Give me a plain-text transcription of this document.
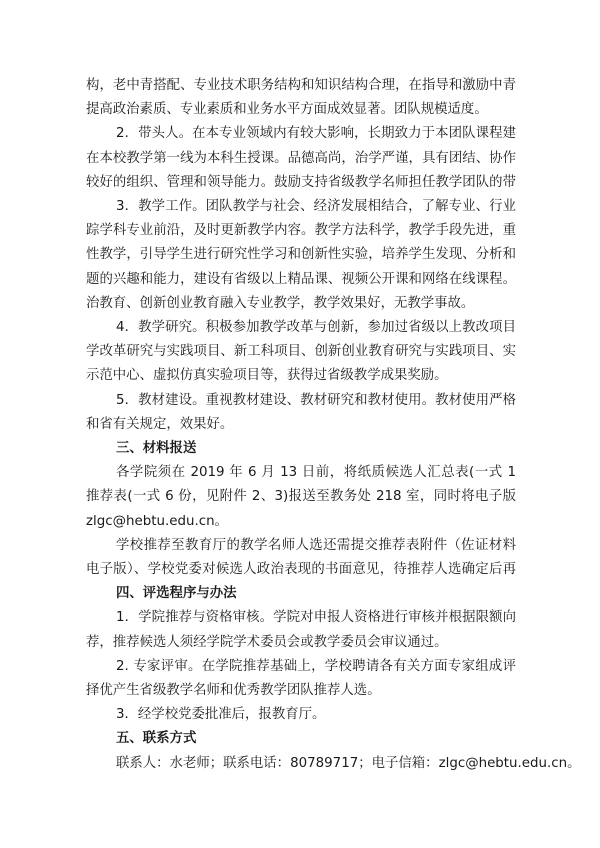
构，老中青搭配、专业技术职务结构和知识结构合理，在指导和激励中青
提高政治素质、专业素质和业务水平方面成效显著。团队规模适度。
2．带头人。在本专业领域内有较大影响，长期致力于本团队课程建
在本校教学第一线为本科生授课。品德高尚，治学严谨，具有团结、协作
较好的组织、管理和领导能力。鼓励支持省级教学名师担任教学团队的带
3．教学工作。团队教学与社会、经济发展相结合，了解专业、行业
踪学科专业前沿，及时更新教学内容。教学方法科学，教学手段先进，重
性教学，引导学生进行研究性学习和创新性实验，培养学生发现、分析和
题的兴趣和能力，建设有省级以上精品课、视频公开课和网络在线课程。
治教育、创新创业教育融入专业教学，教学效果好，无教学事故。
4．教学研究。积极参加教学改革与创新，参加过省级以上教改项目
学改革研究与实践项目、新工科项目、创新创业教育研究与实践项目、实
示范中心、虚拟仿真实验项目等，获得过省级教学成果奖励。
5．教材建设。重视教材建设、教材研究和教材使用。教材使用严格
和省有关规定，效果好。
三、材料报送
各学院须在 2019 年 6 月 13 日前，将纸质候选人汇总表(一式 1
推荐表(一式 6 份，见附件 2、3)报送至教务处 218 室，同时将电子版
zlgc@hebtu.edu.cn。
学校推荐至教育厅的教学名师人选还需提交推荐表附件（佐证材料
电子版）、学校党委对候选人政治表现的书面意见，待推荐人选确定后再
四、评选程序与办法
1．学院推荐与资格审核。学院对申报人资格进行审核并根据限额向
荐，推荐候选人须经学院学术委员会或教学委员会审议通过。
2. 专家评审。在学院推荐基础上，学校聘请各有关方面专家组成评
择优产生省级教学名师和优秀教学团队推荐人选。
3．经学校党委批准后，报教育厅。
五、联系方式
联系人：水老师；联系电话：80789717；电子信箱：zlgc@hebtu.edu.cn。
